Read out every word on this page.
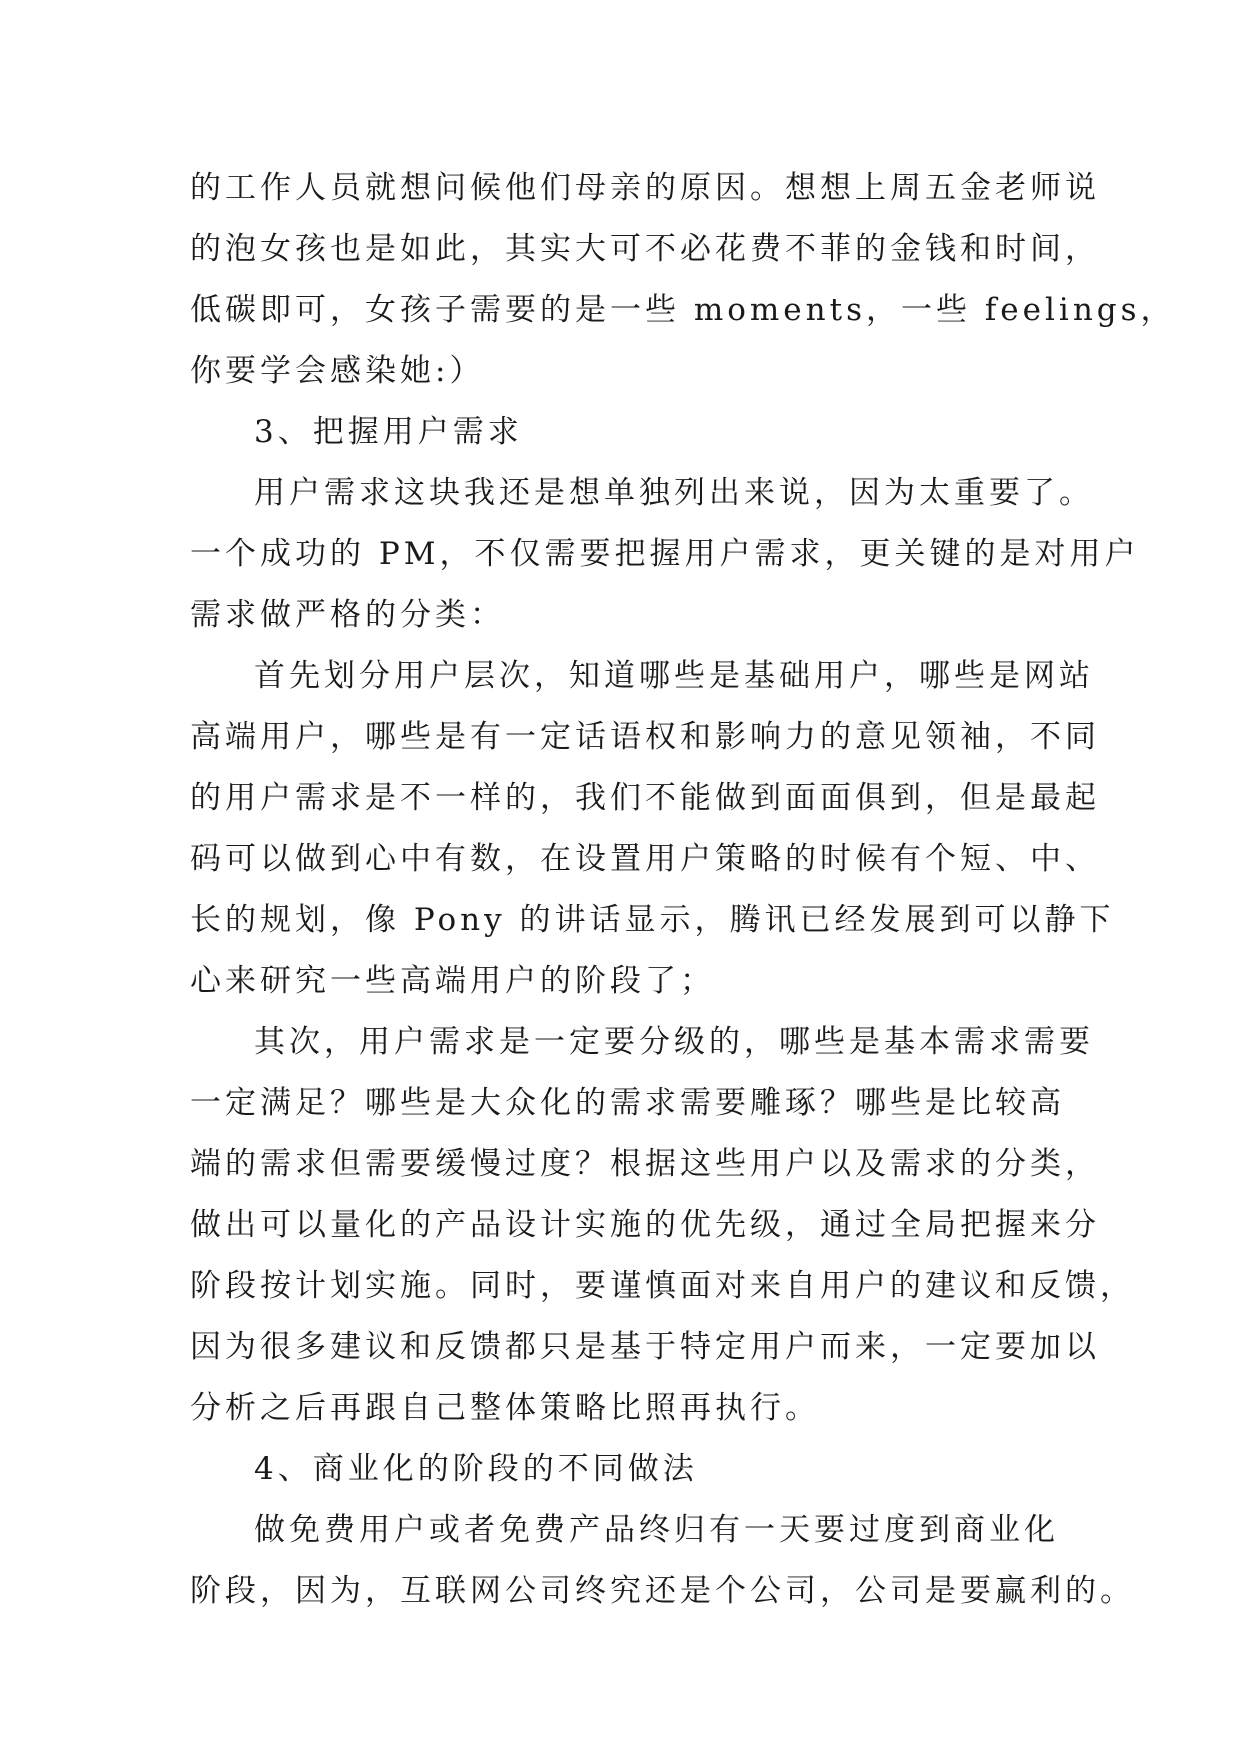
的工作人员就想问候他们母亲的原因。想想上周五金老师说
的泡女孩也是如此，其实大可不必花费不菲的金钱和时间，
低碳即可，女孩子需要的是一些 moments，一些 feelings，
你要学会感染她:）
3、把握用户需求
用户需求这块我还是想单独列出来说，因为太重要了。
一个成功的 PM，不仅需要把握用户需求，更关键的是对用户
需求做严格的分类：
首先划分用户层次，知道哪些是基础用户，哪些是网站
高端用户，哪些是有一定话语权和影响力的意见领袖，不同
的用户需求是不一样的，我们不能做到面面俱到，但是最起
码可以做到心中有数，在设置用户策略的时候有个短、中、
长的规划，像 Pony 的讲话显示，腾讯已经发展到可以静下
心来研究一些高端用户的阶段了；
其次，用户需求是一定要分级的，哪些是基本需求需要
一定满足？哪些是大众化的需求需要雕琢？哪些是比较高
端的需求但需要缓慢过度？根据这些用户以及需求的分类，
做出可以量化的产品设计实施的优先级，通过全局把握来分
阶段按计划实施。同时，要谨慎面对来自用户的建议和反馈，
因为很多建议和反馈都只是基于特定用户而来，一定要加以
分析之后再跟自己整体策略比照再执行。
4、商业化的阶段的不同做法
做免费用户或者免费产品终归有一天要过度到商业化
阶段，因为，互联网公司终究还是个公司，公司是要赢利的。
